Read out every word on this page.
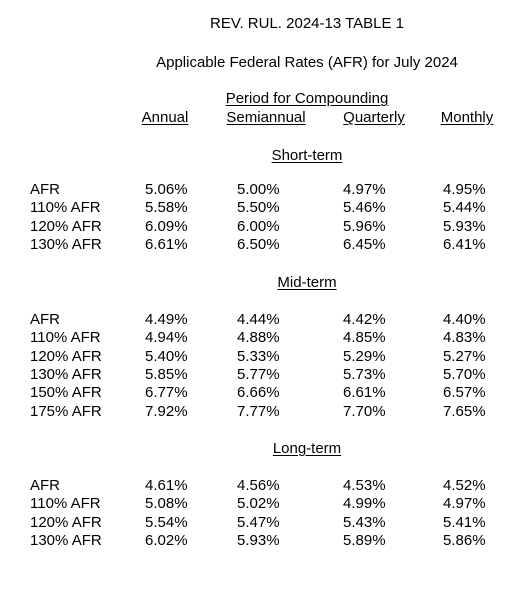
REV. RUL. 2024-13 TABLE 1
Applicable Federal Rates (AFR) for July 2024
Period for Compounding
Annual	Semiannual	Quarterly Monthly
Short-term
Mid-term
Long-term
AFR	5.06%	5.00%	4.97%	4.95%
110% AFR	5.58%	5.50%	5.46%	5.44%
120% AFR	6.09%	6.00%	5.96%	5.93%
130% AFR	6.61%	6.50%	6.45%	6.41%
AFR	4.49%	4.44%	4.42%	4.40%
110% AFR	4.94%	4.88%	4.85%	4.83%
120% AFR	5.40%	5.33%	5.29%	5.27%
130% AFR	5.85%	5.77%	5.73%	5.70%
150% AFR	6.77%	6.66%	6.61%	6.57%
175% AFR	7.92%	7.77%	7.70%	7.65%
AFR	4.61%	4.56%	4.53%	4.52%
110% AFR	5.08%	5.02%	4.99%	4.97%
120% AFR	5.54%	5.47%	5.43%	5.41%
130% AFR	6.02%	5.93%	5.89%	5.86%
